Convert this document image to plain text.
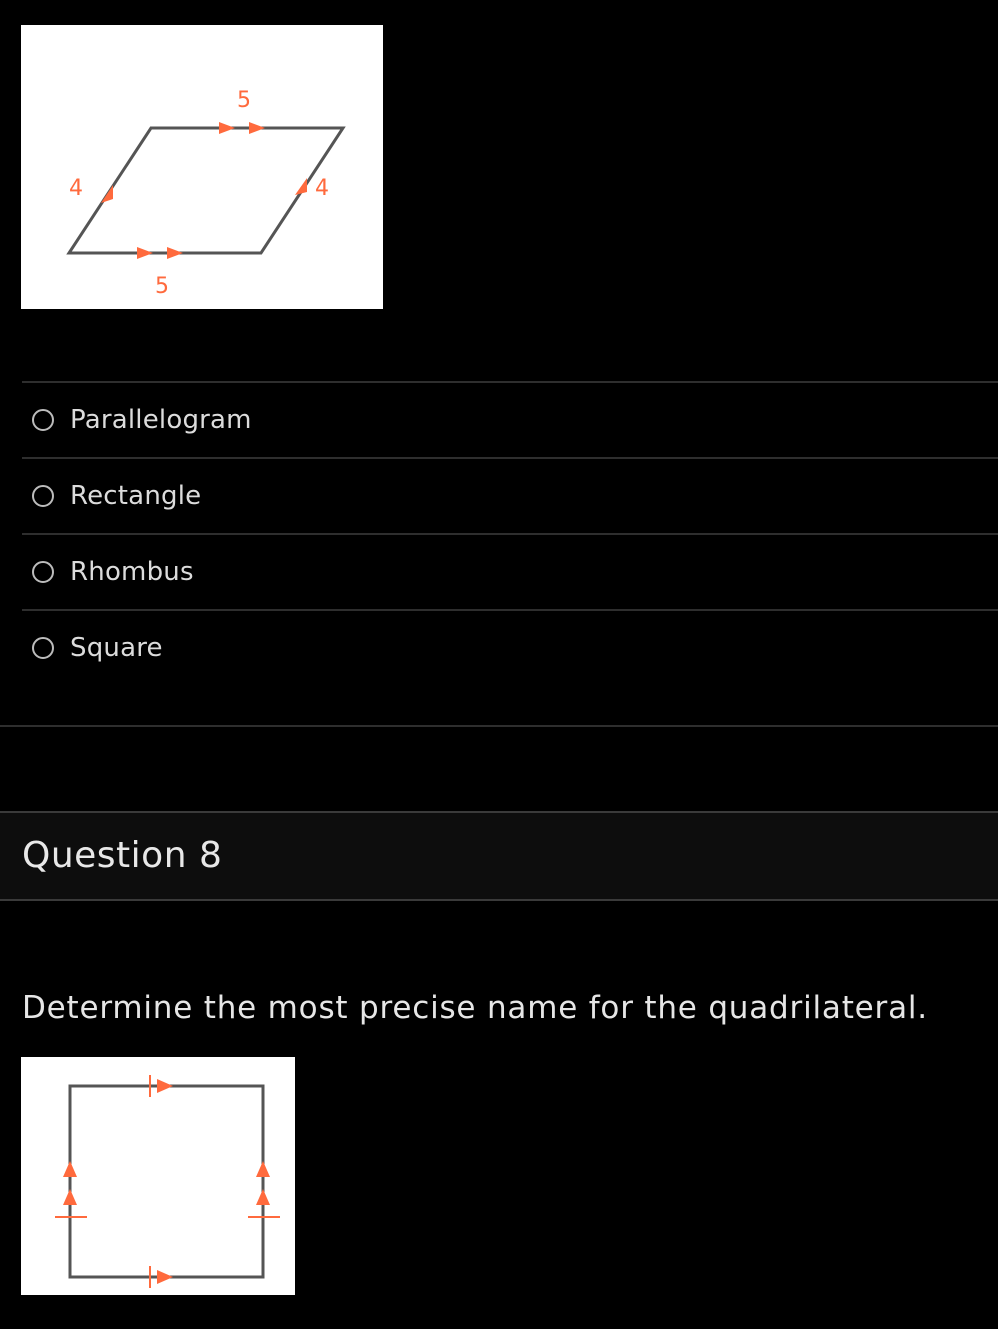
5
5
4	4
Parallelogram
Rectangle
Rhombus
Square
Question 8
Determine the most precise name for the quadrilateral.
